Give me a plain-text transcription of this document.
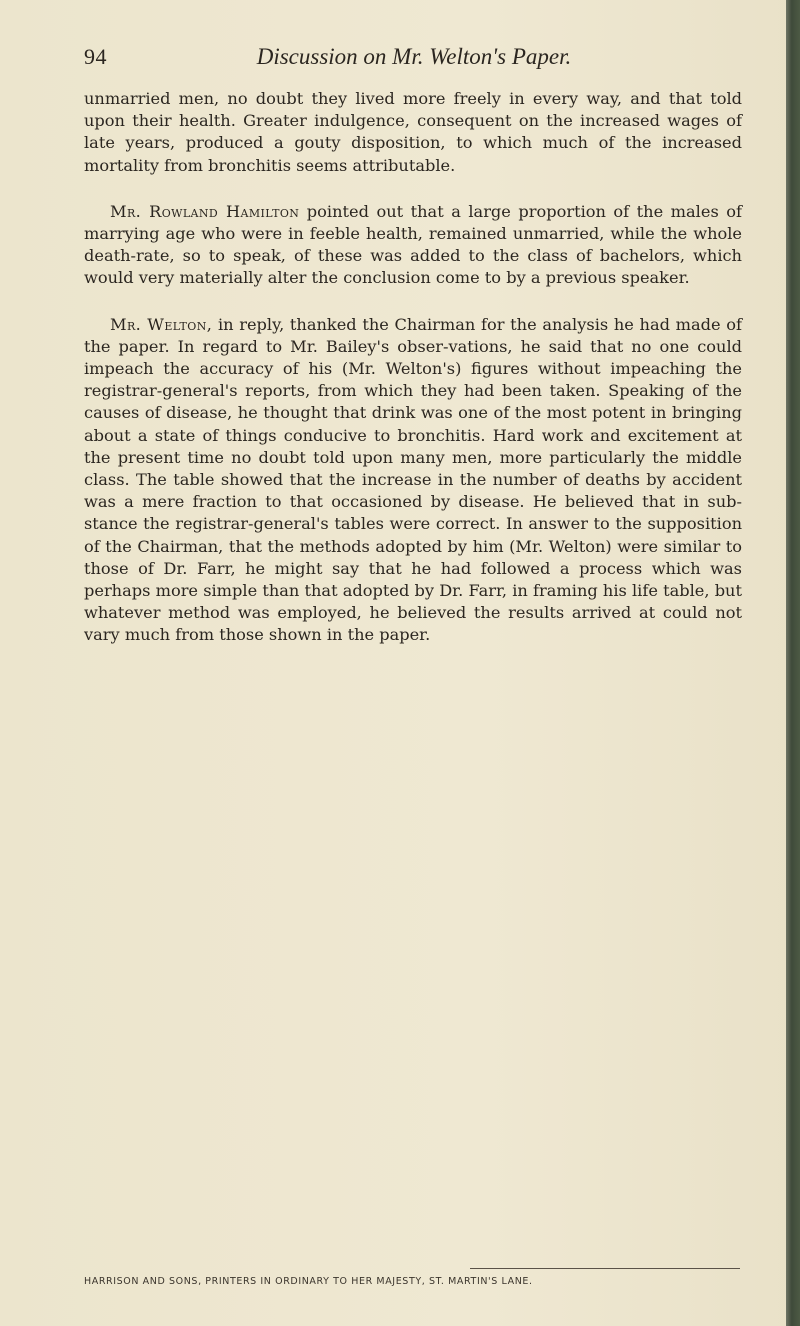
94	Discussion on Mr. Welton's Paper.

unmarried men, no doubt they lived more freely in every way, and that told upon their health. Greater indulgence, consequent on the increased wages of late years, produced a gouty disposition, to which much of the increased mortality from bronchitis seems attributable.

Mr. Rowland Hamilton pointed out that a large proportion of the males of marrying age who were in feeble health, remained unmarried, while the whole death-rate, so to speak, of these was added to the class of bachelors, which would very materially alter the conclusion come to by a previous speaker.

Mr. Welton, in reply, thanked the Chairman for the analysis he had made of the paper. In regard to Mr. Bailey's obser-vations, he said that no one could impeach the accuracy of his (Mr. Welton's) figures without impeaching the registrar-general's reports, from which they had been taken. Speaking of the causes of disease, he thought that drink was one of the most potent in bringing about a state of things conducive to bronchitis. Hard work and excitement at the present time no doubt told upon many men, more particularly the middle class. The table showed that the increase in the number of deaths by accident was a mere fraction to that occasioned by disease. He believed that in sub-stance the registrar-general's tables were correct. In answer to the supposition of the Chairman, that the methods adopted by him (Mr. Welton) were similar to those of Dr. Farr, he might say that he had followed a process which was perhaps more simple than that adopted by Dr. Farr, in framing his life table, but whatever method was employed, he believed the results arrived at could not vary much from those shown in the paper.

HARRISON AND SONS, PRINTERS IN ORDINARY TO HER MAJESTY, ST. MARTIN'S LANE.
